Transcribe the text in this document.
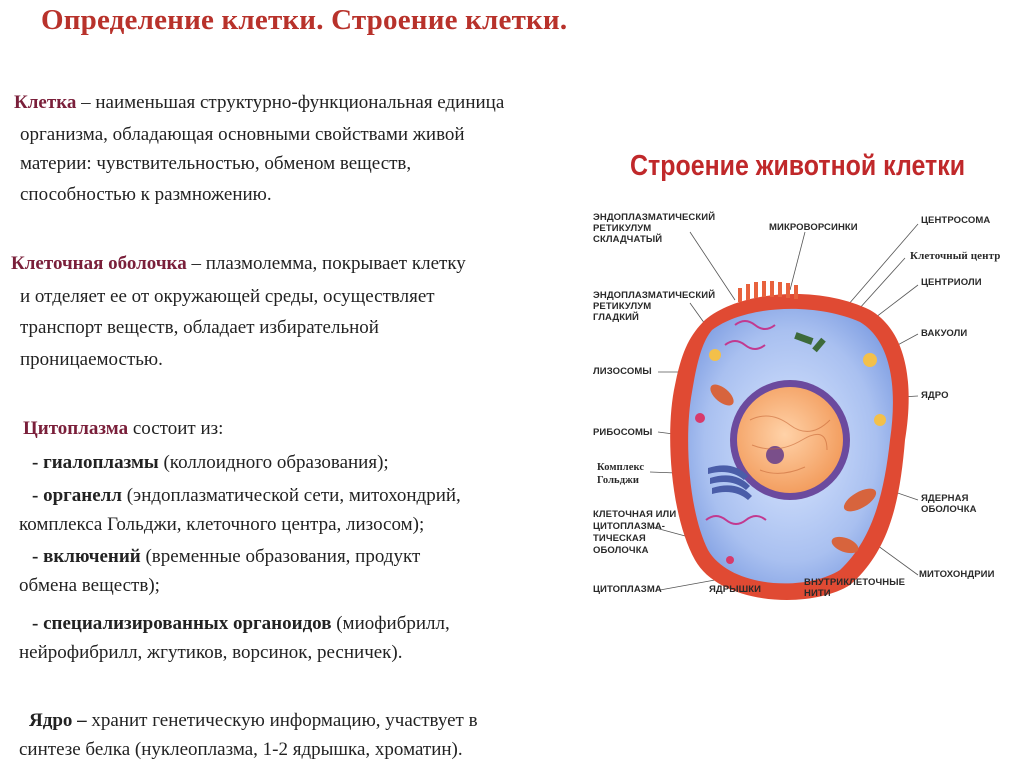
Определение клетки. Строение клетки.
Клетка – наименьшая структурно-функциональная единица
организма, обладающая основными свойствами живой
материи: чувствительностью, обменом веществ,
способностью к размножению.
Клеточная оболочка – плазмолемма, покрывает клетку
и отделяет ее от окружающей среды, осуществляет
транспорт веществ, обладает избирательной
проницаемостью.
Цитоплазма состоит из:
- гиалоплазмы (коллоидного образования);
- органелл (эндоплазматической сети, митохондрий,
комплекса Гольджи, клеточного центра, лизосом);
- включений (временные образования, продукт
обмена веществ);
- специализированных органоидов (миофибрилл,
нейрофибрилл, жгутиков, ворсинок, ресничек).
Ядро – хранит генетическую информацию, участвует в
синтезе белка (нуклеоплазма, 1-2 ядрышка, хроматин).
Строение животной клетки
ЭНДОПЛАЗМАТИЧЕСКИЙ
РЕТИКУЛУМ
СКЛАДЧАТЫЙ
МИКРОВОРСИНКИ
ЦЕНТРОСОМА
Клеточный центр
ЦЕНТРИОЛИ
ЭНДОПЛАЗМАТИЧЕСКИЙ
РЕТИКУЛУМ
ГЛАДКИЙ
ВАКУОЛИ
ЛИЗОСОМЫ
ЯДРО
РИБОСОМЫ
Комплекс
Гольджи
ЯДЕРНАЯ
ОБОЛОЧКА
КЛЕТОЧНАЯ ИЛИ
ЦИТОПЛАЗМА-
ТИЧЕСКАЯ
ОБОЛОЧКА
МИТОХОНДРИИ
ЦИТОПЛАЗМА	ЯДРЫШКИ
ВНУТРИКЛЕТОЧНЫЕ
НИТИ
